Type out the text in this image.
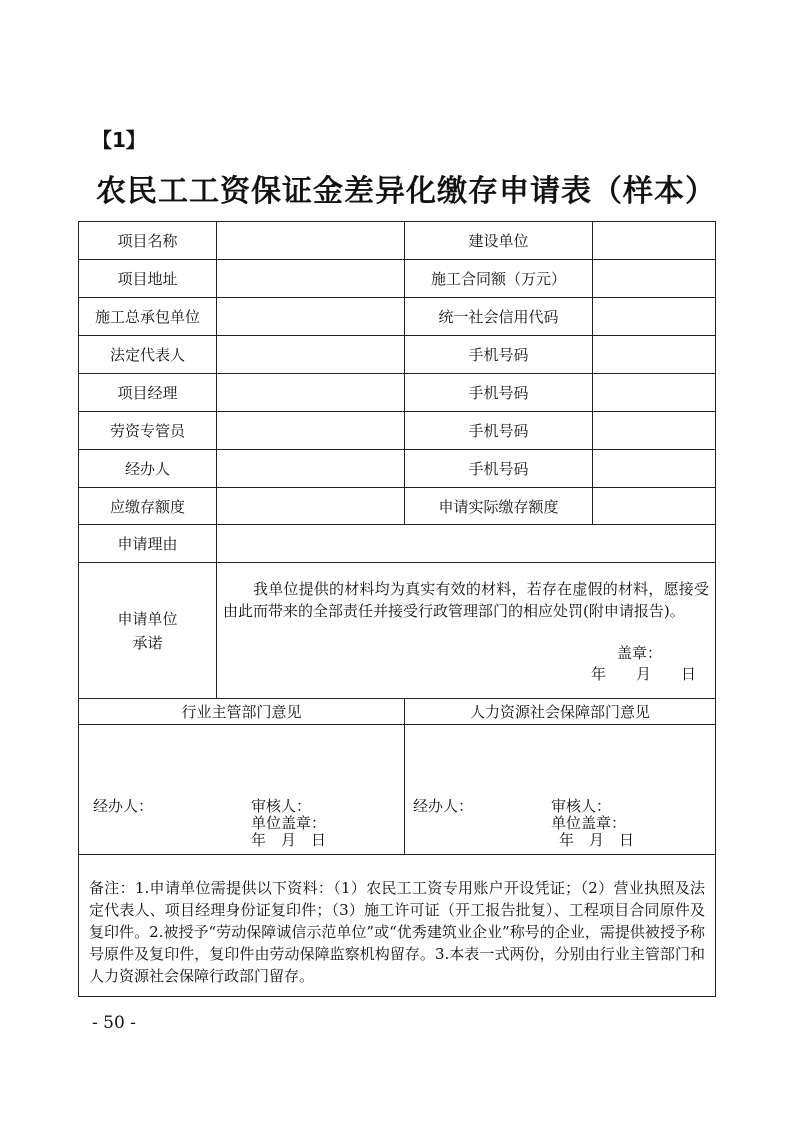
【1】
农民工工资保证金差异化缴存申请表（样本）
项目名称	建设单位
项目地址	施工合同额（万元）
施工总承包单位	统一社会信用代码
法定代表人	手机号码
项目经理	手机号码
劳资专管员	手机号码
经办人	手机号码
应缴存额度	申请实际缴存额度
申请理由
申请单位
承诺
我单位提供的材料均为真实有效的材料，若存在虚假的材料，愿接受由此而带来的全部责任并接受行政管理部门的相应处罚(附申请报告)。
盖章：
年　　月　　日
行业主管部门意见	人力资源社会保障部门意见
经办人：	审核人：
单位盖章：
年　月　日
经办人：	审核人：
单位盖章：
年　月　日
备注：1.申请单位需提供以下资料：（1）农民工工资专用账户开设凭证；（2）营业执照及法定代表人、项目经理身份证复印件；（3）施工许可证（开工报告批复）、工程项目合同原件及复印件。2.被授予“劳动保障诚信示范单位”或“优秀建筑业企业”称号的企业，需提供被授予称号原件及复印件，复印件由劳动保障监察机构留存。3.本表一式两份，分别由行业主管部门和人力资源社会保障行政部门留存。
- 50 -
